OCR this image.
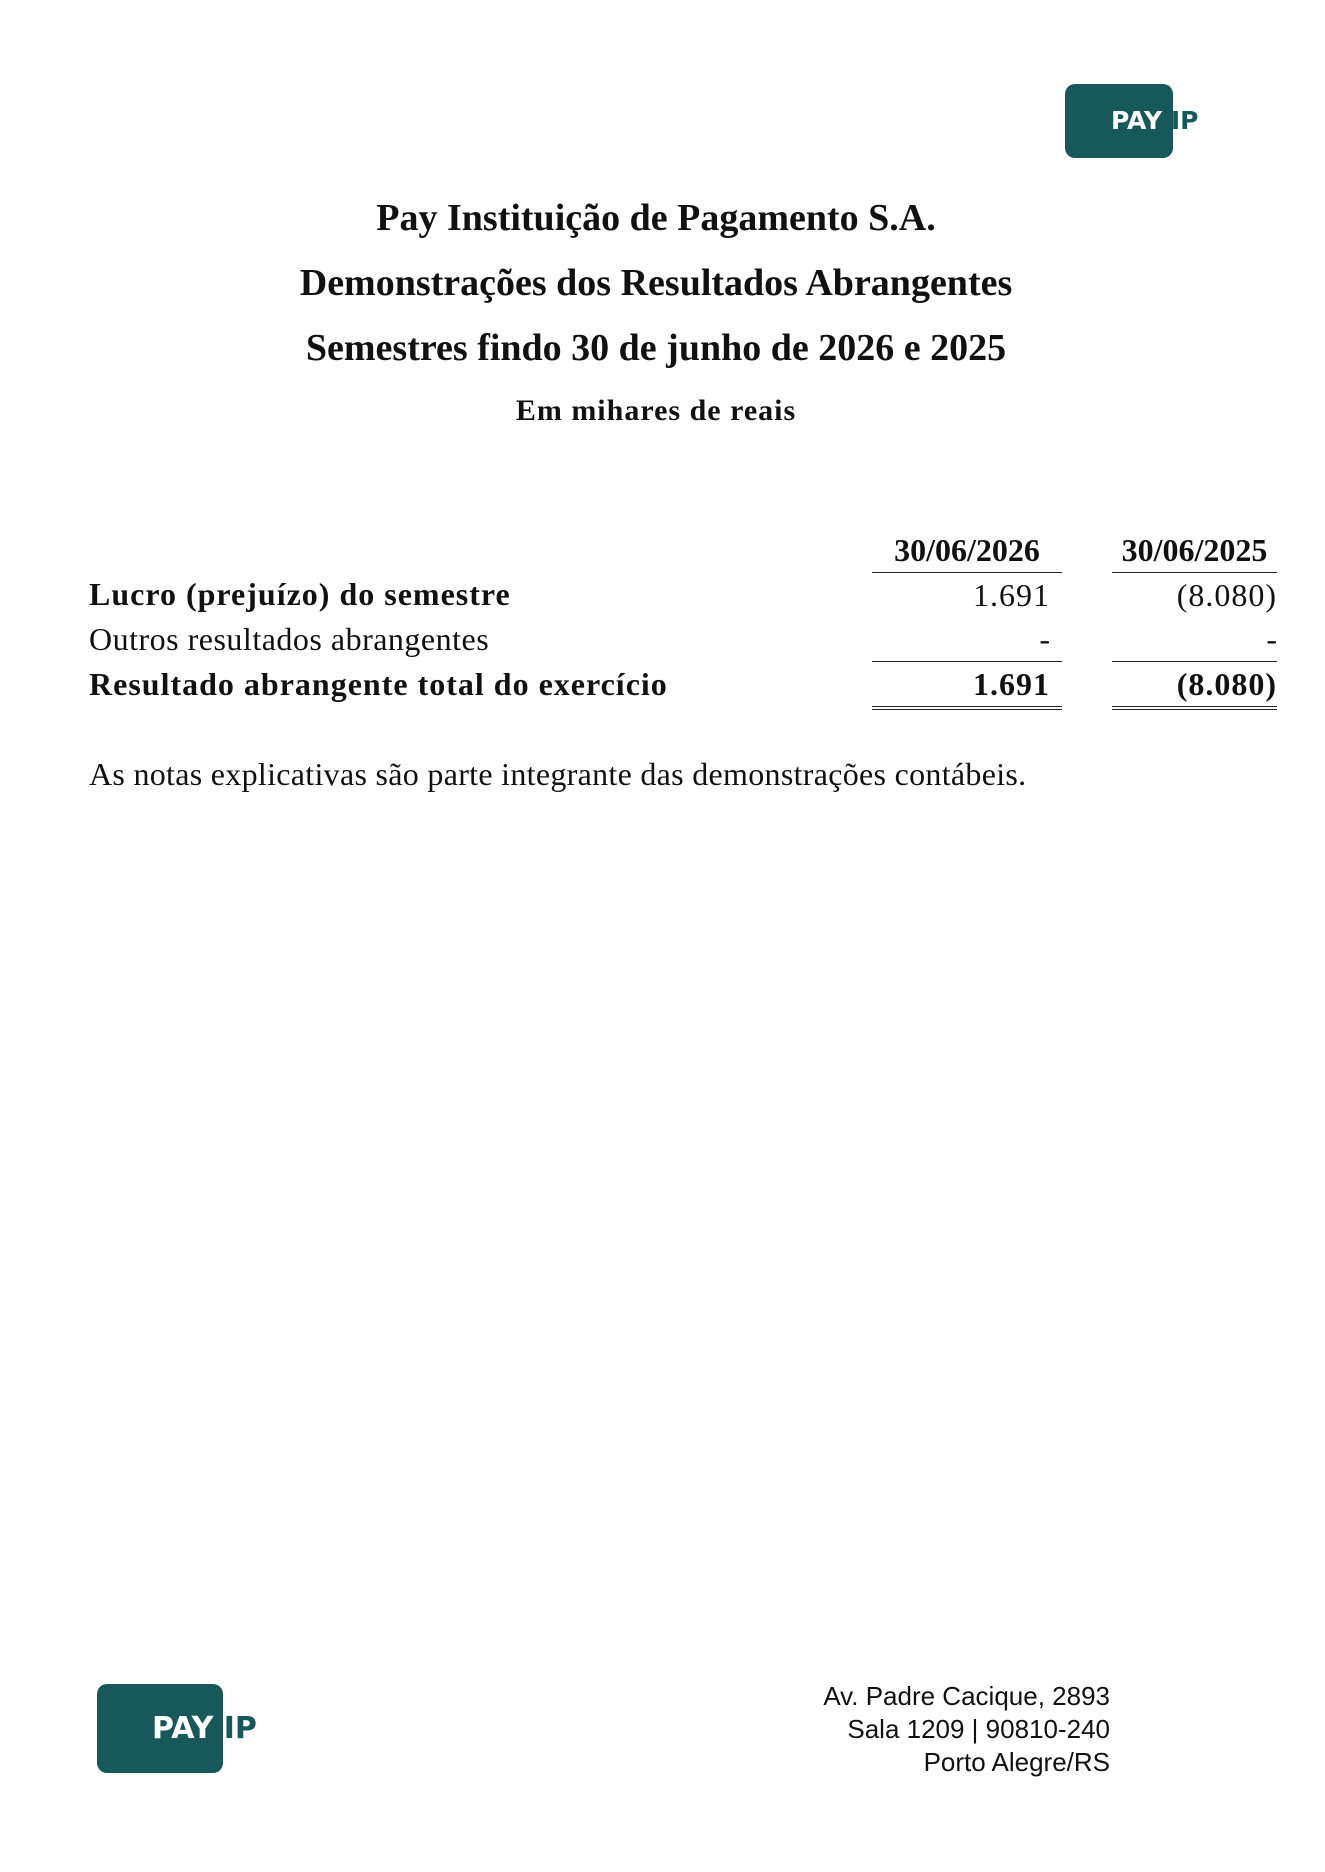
PAY IP
Pay Instituição de Pagamento S.A.
Demonstrações dos Resultados Abrangentes
Semestres findo 30 de junho de 2026 e 2025
Em mihares de reais
		30/06/2026		30/06/2025
Lucro (prejuízo) do semestre		1.691		(8.080)
Outros resultados abrangentes		-		-
Resultado abrangente total do exercício		1.691		(8.080)

As notas explicativas são parte integrante das demonstrações contábeis.

PAY IP
Av. Padre Cacique, 2893
Sala 1209 | 90810-240
Porto Alegre/RS
